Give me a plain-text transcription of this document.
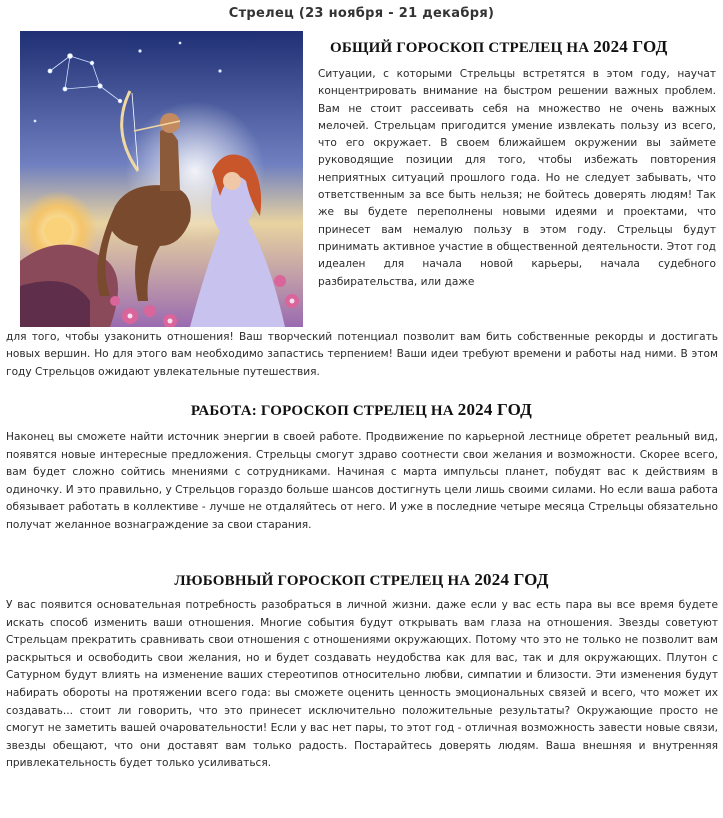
Стрелец (23 ноября - 21 декабря)
ОБЩИЙ ГОРОСКОП СТРЕЛЕЦ НА 2024 ГОД
Ситуации, с которыми Стрельцы встретятся в этом году, научат концентрировать внимание на быстром решении важных проблем. Вам не стоит рассеивать себя на множество не очень важных мелочей. Стрельцам пригодится умение извлекать пользу из всего, что его окружает. В своем ближайшем окружении вы займете руководящие позиции для того, чтобы избежать повторения неприятных ситуаций прошлого года. Но не следует забывать, что ответственным за все быть нельзя; не бойтесь доверять людям! Так же вы будете переполнены новыми идеями и проектами, что принесет вам немалую пользу в этом году. Стрельцы будут принимать активное участие в общественной деятельности. Этот год идеален для начала новой карьеры, начала судебного разбирательства, или даже
для того, чтобы узаконить отношения! Ваш творческий потенциал позволит вам бить собственные рекорды и достигать новых вершин. Но для этого вам необходимо запастись терпением! Ваши идеи требуют времени и работы над ними. В этом году Стрельцов ожидают увлекательные путешествия.
РАБОТА: ГОРОСКОП СТРЕЛЕЦ НА 2024 ГОД
Наконец вы сможете найти источник энергии в своей работе. Продвижение по карьерной лестнице обретет реальный вид, появятся новые интересные предложения. Стрельцы смогут здраво соотнести свои желания и возможности. Скорее всего, вам будет сложно сойтись мнениями с сотрудниками. Начиная с марта импульсы планет, побудят вас к действиям в одиночку. И это правильно, у Стрельцов гораздо больше шансов достигнуть цели лишь своими силами. Но если ваша работа обязывает работать в коллективе - лучше не отдаляйтесь от него. И уже в последние четыре месяца Стрельцы обязательно получат желанное вознаграждение за свои старания.
ЛЮБОВНЫЙ ГОРОСКОП СТРЕЛЕЦ НА 2024 ГОД
У вас появится основательная потребность разобраться в личной жизни. даже если у вас есть пара вы все время будете искать способ изменить ваши отношения. Многие события будут открывать вам глаза на отношения. Звезды советуют Стрельцам прекратить сравнивать свои отношения с отношениями окружающих. Потому что это не только не позволит вам раскрыться и освободить свои желания, но и будет создавать неудобства как для вас, так и для окружающих. Плутон с Сатурном будут влиять на изменение ваших стереотипов относительно любви, симпатии и близости. Эти изменения будут набирать обороты на протяжении всего года: вы сможете оценить ценность эмоциональных связей и всего, что может их создавать... стоит ли говорить, что это принесет исключительно положительные результаты? Окружающие просто не смогут не заметить вашей очаровательности! Если у вас нет пары, то этот год - отличная возможность завести новые связи, звезды обещают, что они доставят вам только радость. Постарайтесь доверять людям. Ваша внешняя и внутренняя привлекательность будет только усиливаться.
